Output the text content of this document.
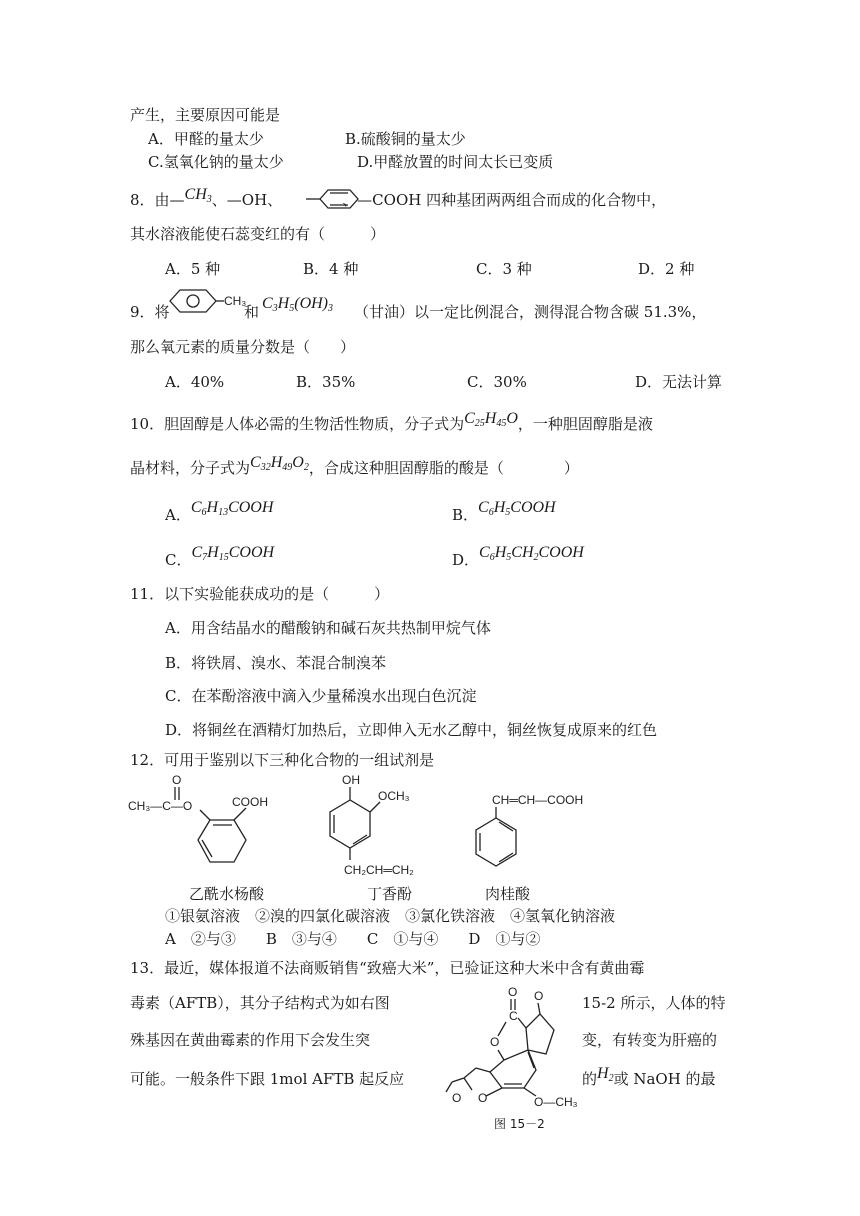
产生，主要原因可能是
A．甲醛的量太少	B.硫酸铜的量太少
C.氢氧化钠的量太少	D.甲醛放置的时间太长已变质
8．由—CH3、—OH、	、—COOH 四种基团两两组合而成的化合物中，
其水溶液能使石蕊变红的有（　　　）
A．5 种	B．4 种	C．3 种	D．2 种
9．将
CH₃
和 C3H5(OH)3 （甘油）以一定比例混合，测得混合物含碳 51.3%，
那么氧元素的质量分数是（　　）
A．40%	B．35%	C．30%	D．无法计算
10．胆固醇是人体必需的生物活性物质，分子式为C25H45O，一种胆固醇脂是液
晶材料，分子式为C32H49O2，合成这种胆固醇脂的酸是（　　　　）
A．C6H13COOH	B．C6H5COOH
C．C7H15COOH	D．C6H5CH2COOH
11．以下实验能获成功的是（　　　）
A．用含结晶水的醋酸钠和碱石灰共热制甲烷气体
B．将铁屑、溴水、苯混合制溴苯
C．在苯酚溶液中滴入少量稀溴水出现白色沉淀
D．将铜丝在酒精灯加热后，立即伸入无水乙醇中，铜丝恢复成原来的红色
12．可用于鉴别以下三种化合物的一组试剂是
O
CH₃—C—O	COOH
乙酰水杨酸
OH
OCH₃
CH₂CH═CH₂
丁香酚
CH═CH—COOH
肉桂酸
①银氨溶液　②溴的四氯化碳溶液　③氯化铁溶液　④氢氧化钠溶液
A　②与③　　B　③与④　　C　①与④　　D　①与②
13．最近，媒体报道不法商贩销售“致癌大米”，已验证这种大米中含有黄曲霉
毒素（AFTB），其分子结构式为如右图	15-2 所示，人体的特
殊基因在黄曲霉素的作用下会发生突	变，有转变为肝癌的
可能。一般条件下跟 1mol AFTB 起反应	的H2或 NaOH 的最
O
C
O
O
O
O	O—CH₃
图 15－2
